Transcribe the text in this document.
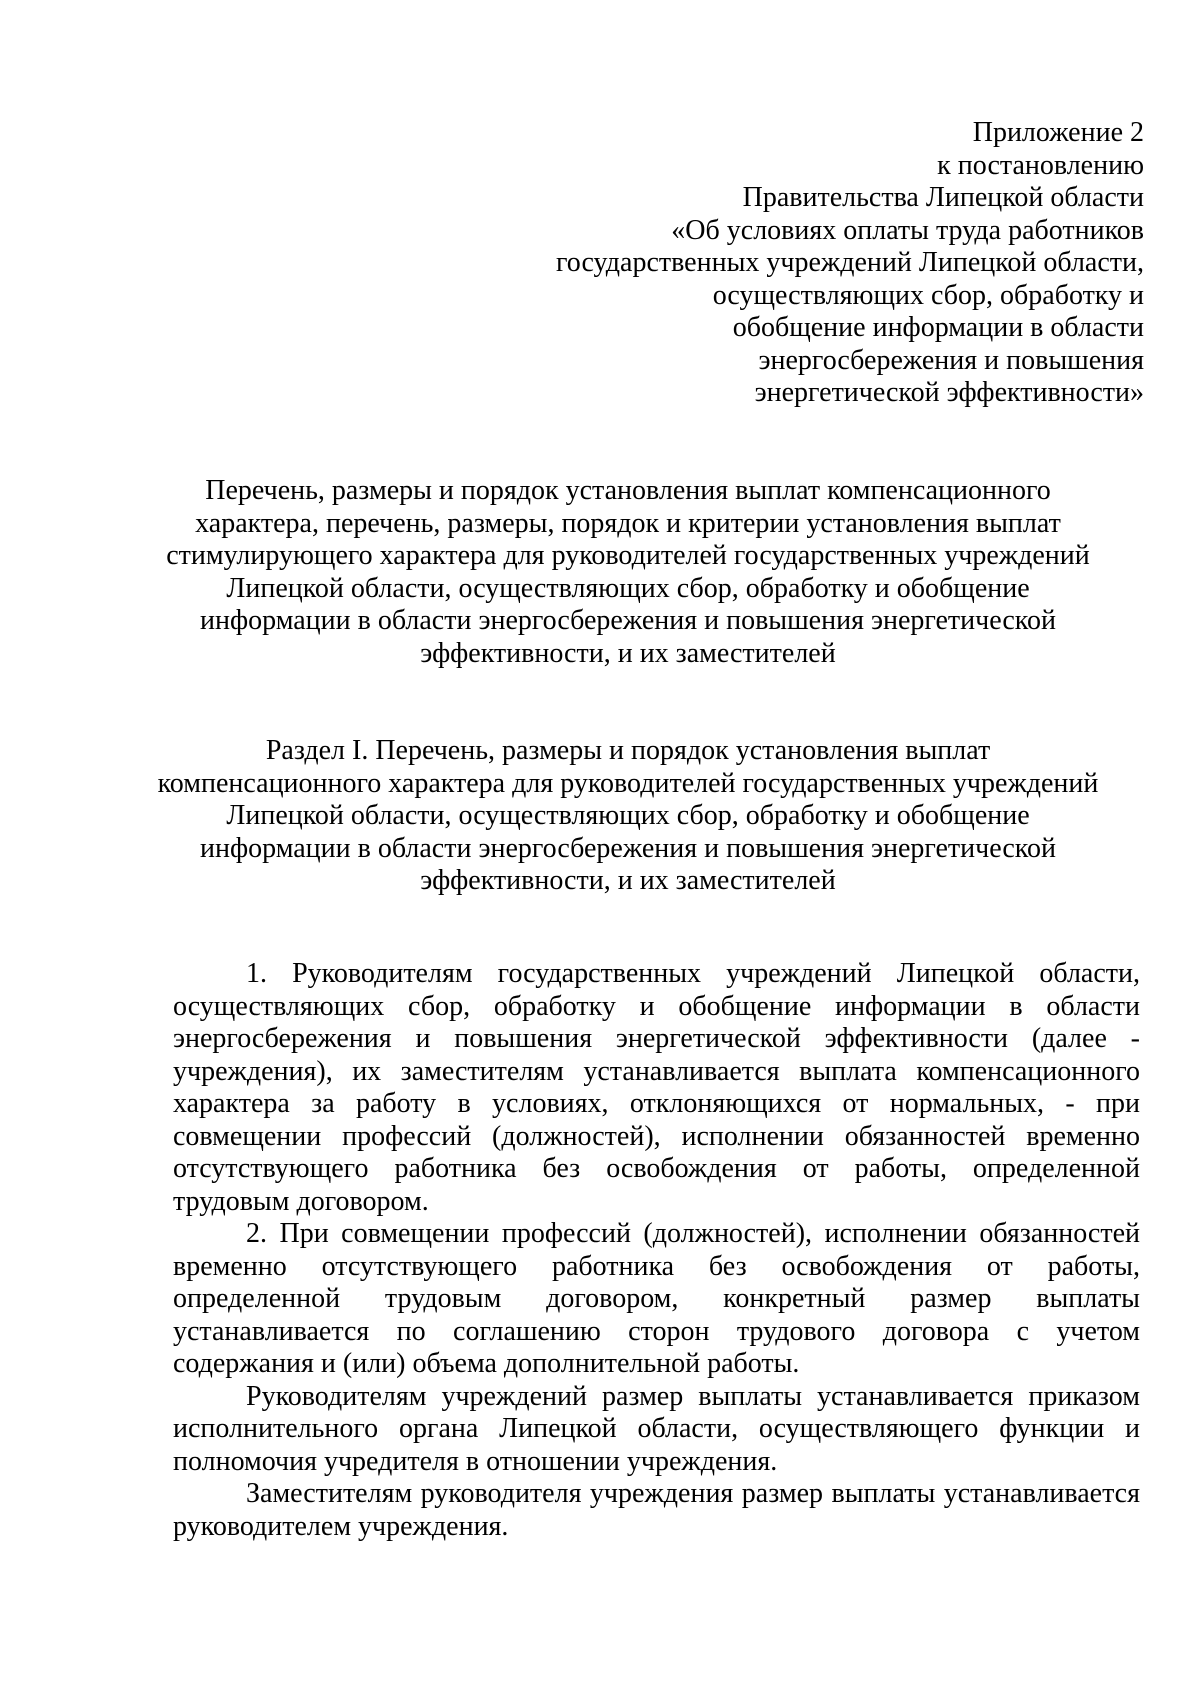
Приложение 2
к постановлению
Правительства Липецкой области
«Об условиях оплаты труда работников
государственных учреждений Липецкой области,
осуществляющих сбор, обработку и
обобщение информации в области
энергосбережения и повышения
энергетической эффективности»
Перечень, размеры и порядок установления выплат компенсационного
характера, перечень, размеры, порядок и критерии установления выплат
стимулирующего характера для руководителей государственных учреждений
Липецкой области, осуществляющих сбор, обработку и обобщение
информации в области энергосбережения и повышения энергетической
эффективности, и их заместителей
Раздел I. Перечень, размеры и порядок установления выплат
компенсационного характера для руководителей государственных учреждений
Липецкой области, осуществляющих сбор, обработку и обобщение
информации в области энергосбережения и повышения энергетической
эффективности, и их заместителей

1. Руководителям государственных учреждений Липецкой области, осуществляющих сбор, обработку и обобщение информации в области энергосбережения и повышения энергетической эффективности (далее - учреждения), их заместителям устанавливается выплата компенсационного характера за работу в условиях, отклоняющихся от нормальных, - при совмещении профессий (должностей), исполнении обязанностей временно отсутствующего работника без освобождения от работы, определенной трудовым договором.

2. При совмещении профессий (должностей), исполнении обязанностей временно отсутствующего работника без освобождения от работы, определенной трудовым договором, конкретный размер выплаты устанавливается по соглашению сторон трудового договора с учетом содержания и (или) объема дополнительной работы.

Руководителям учреждений размер выплаты устанавливается приказом исполнительного органа Липецкой области, осуществляющего функции и полномочия учредителя в отношении учреждения.

Заместителям руководителя учреждения размер выплаты устанавливается руководителем учреждения.
